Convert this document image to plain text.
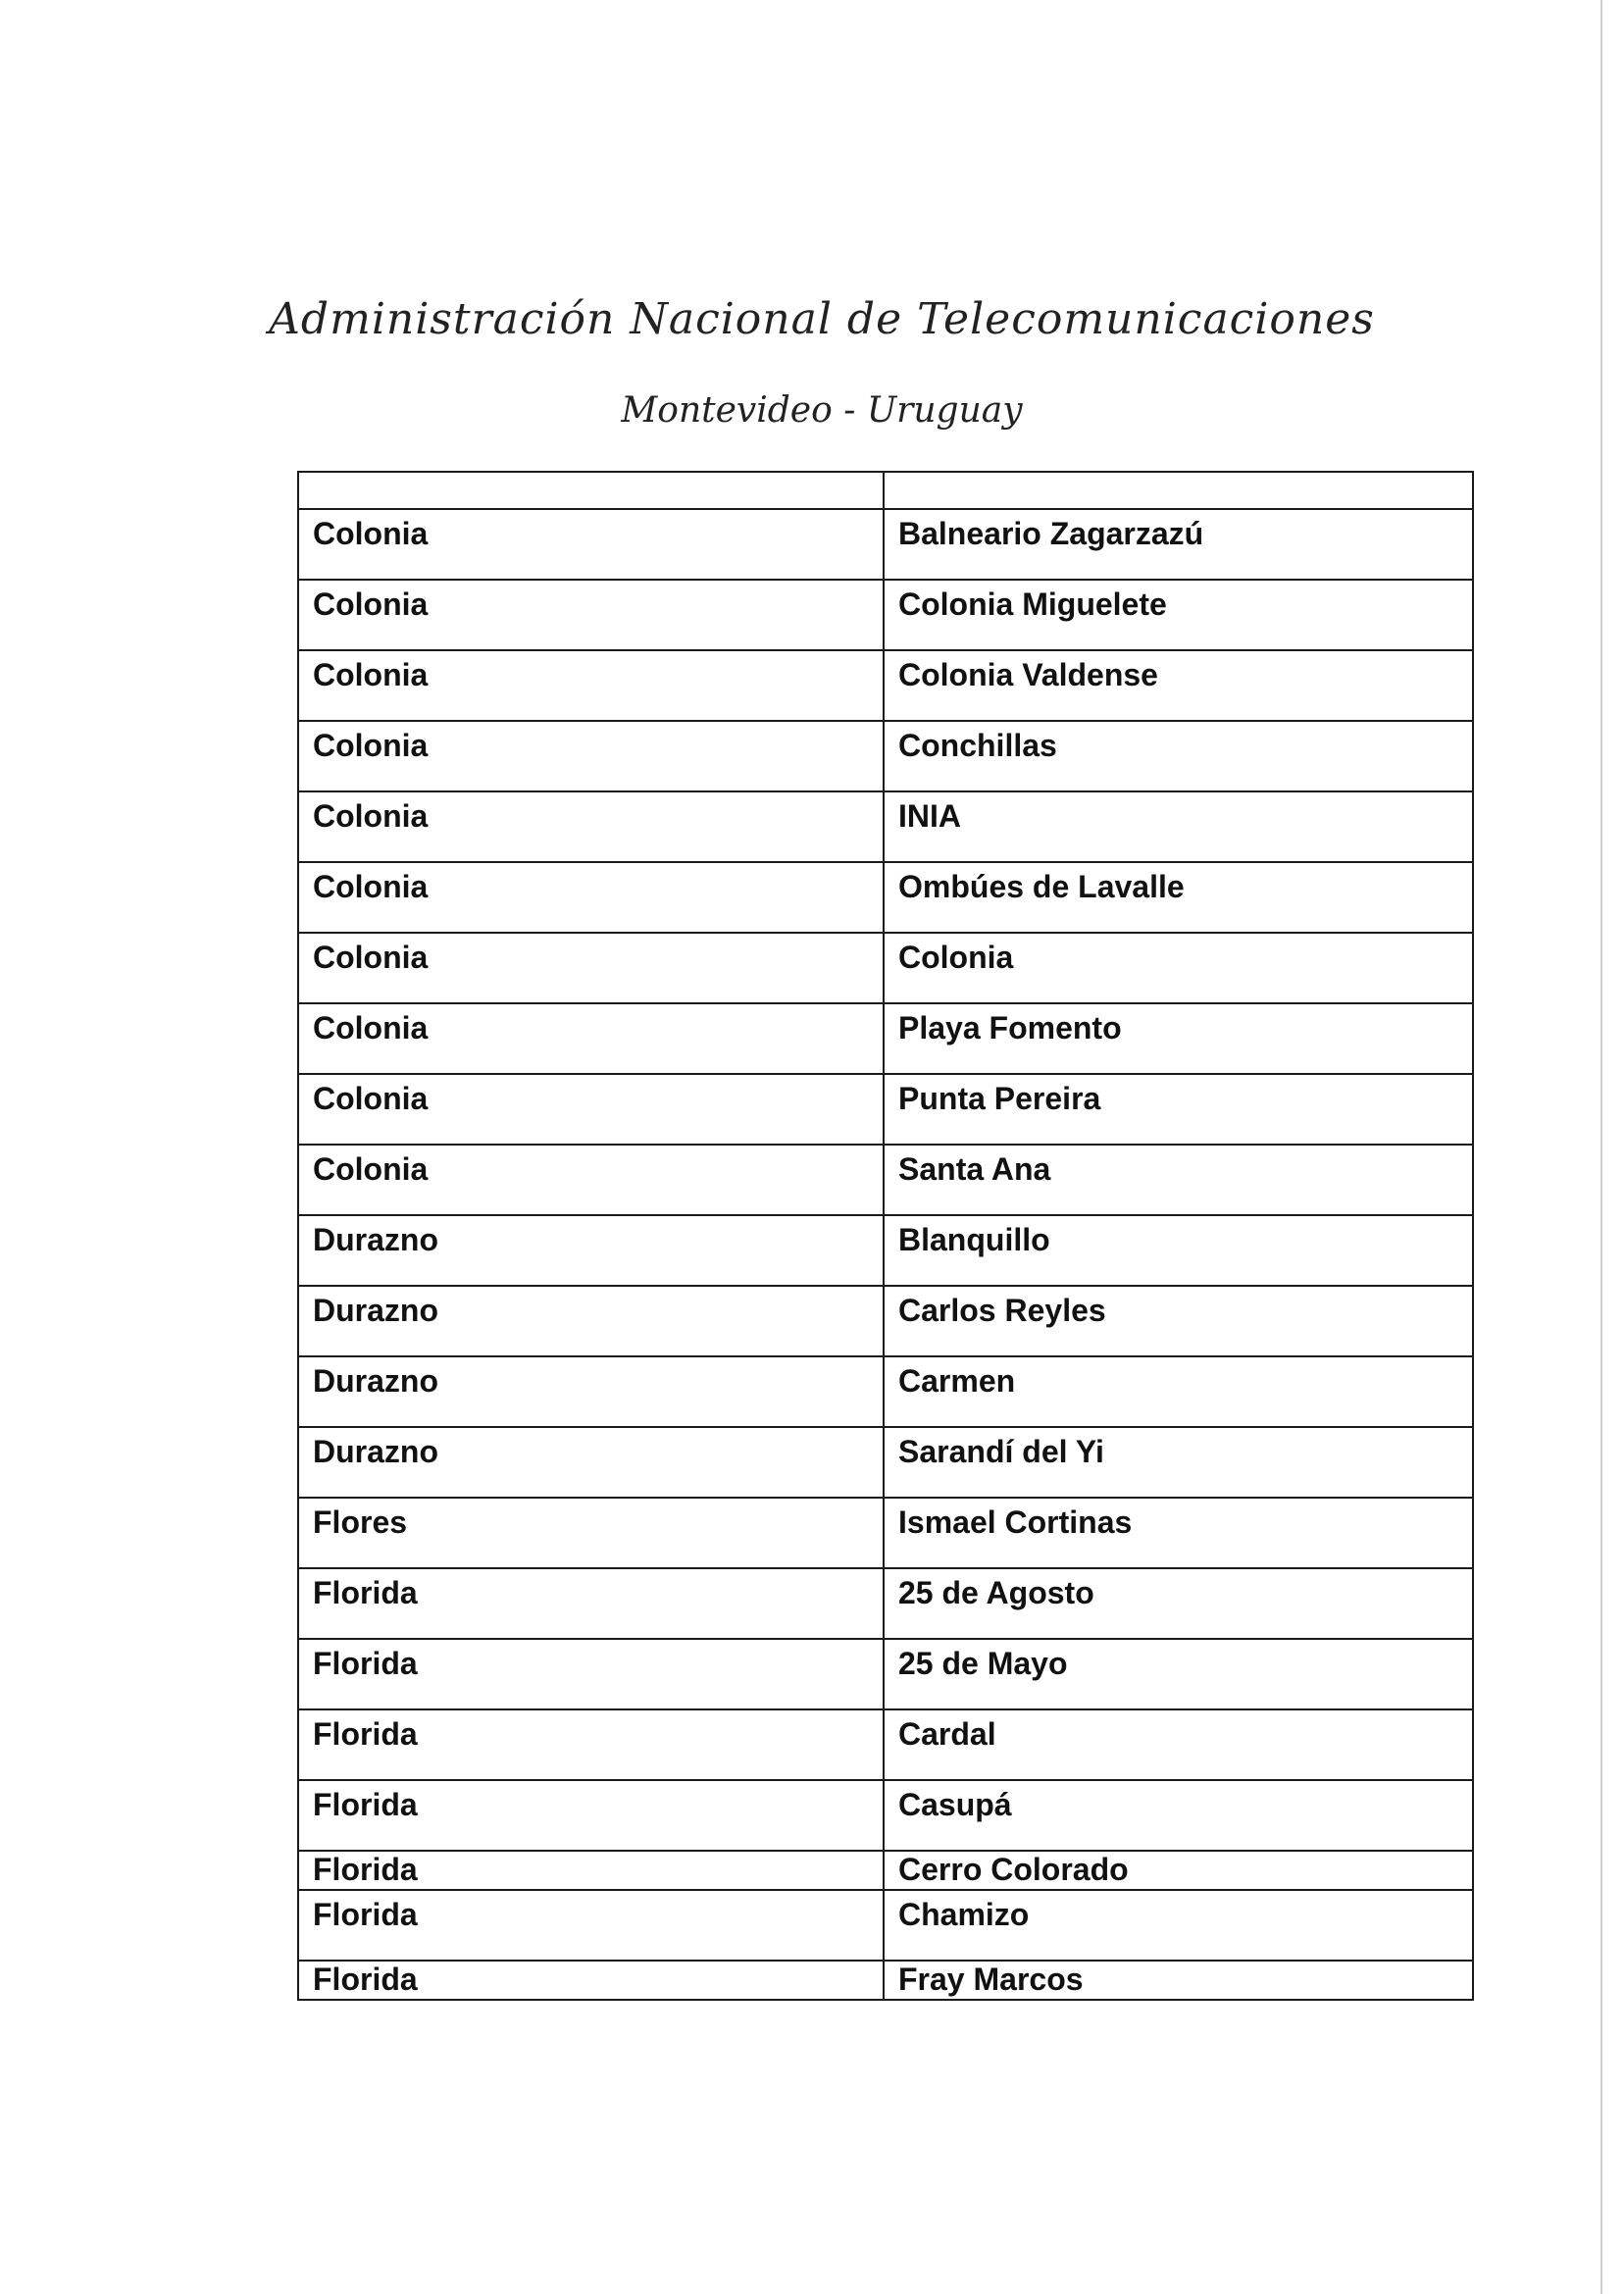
Administración Nacional de Telecomunicaciones
Montevideo - Uruguay

Colonia	Balneario Zagarzazú
Colonia	Colonia Miguelete
Colonia	Colonia Valdense
Colonia	Conchillas
Colonia	INIA
Colonia	Ombúes de Lavalle
Colonia	Colonia
Colonia	Playa Fomento
Colonia	Punta Pereira
Colonia	Santa Ana
Durazno	Blanquillo
Durazno	Carlos Reyles
Durazno	Carmen
Durazno	Sarandí del Yi
Flores	Ismael Cortinas
Florida	25 de Agosto
Florida	25 de Mayo
Florida	Cardal
Florida	Casupá
Florida	Cerro Colorado
Florida	Chamizo
Florida	Fray Marcos
